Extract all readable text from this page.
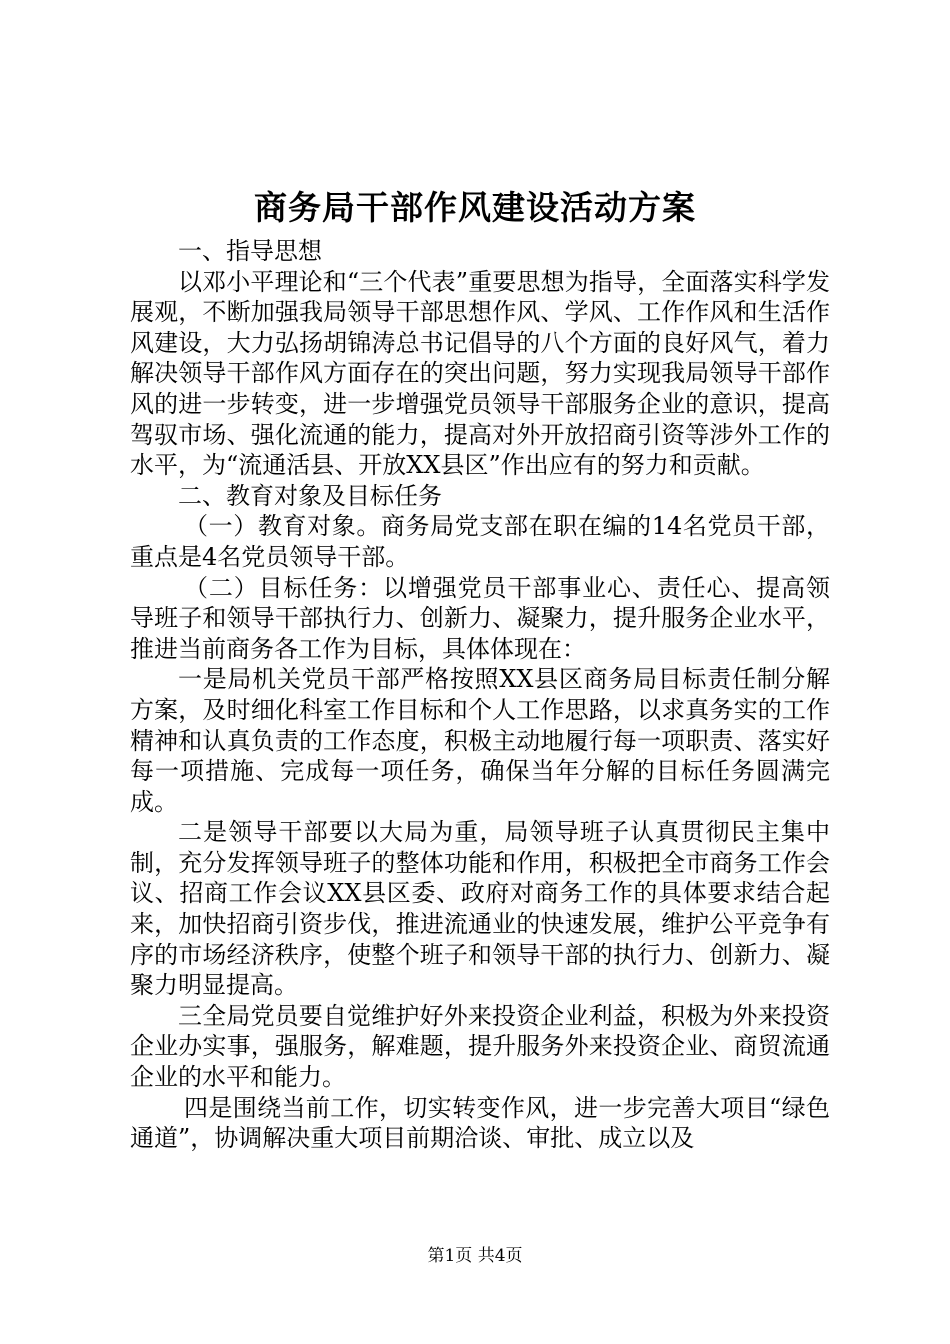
商务局干部作风建设活动方案

一、指导思想

以邓小平理论和“三个代表”重要思想为指导，全面落实科学发展观，不断加强我局领导干部思想作风、学风、工作作风和生活作风建设，大力弘扬胡锦涛总书记倡导的八个方面的良好风气，着力解决领导干部作风方面存在的突出问题，努力实现我局领导干部作风的进一步转变，进一步增强党员领导干部服务企业的意识，提高驾驭市场、强化流通的能力，提高对外开放招商引资等涉外工作的水平，为“流通活县、开放XX县区”作出应有的努力和贡献。

二、教育对象及目标任务

（一）教育对象。商务局党支部在职在编的14名党员干部，重点是4名党员领导干部。

（二）目标任务：以增强党员干部事业心、责任心、提高领导班子和领导干部执行力、创新力、凝聚力，提升服务企业水平，推进当前商务各工作为目标，具体体现在：

一是局机关党员干部严格按照XX县区商务局目标责任制分解方案，及时细化科室工作目标和个人工作思路，以求真务实的工作精神和认真负责的工作态度，积极主动地履行每一项职责、落实好每一项措施、完成每一项任务，确保当年分解的目标任务圆满完成。

二是领导干部要以大局为重，局领导班子认真贯彻民主集中制，充分发挥领导班子的整体功能和作用，积极把全市商务工作会议、招商工作会议XX县区委、政府对商务工作的具体要求结合起来，加快招商引资步伐，推进流通业的快速发展，维护公平竞争有序的市场经济秩序，使整个班子和领导干部的执行力、创新力、凝聚力明显提高。

三全局党员要自觉维护好外来投资企业利益，积极为外来投资企业办实事，强服务，解难题，提升服务外来投资企业、商贸流通企业的水平和能力。

四是围绕当前工作，切实转变作风，进一步完善大项目“绿色通道”，协调解决重大项目前期洽谈、审批、成立以及

第1页 共4页
